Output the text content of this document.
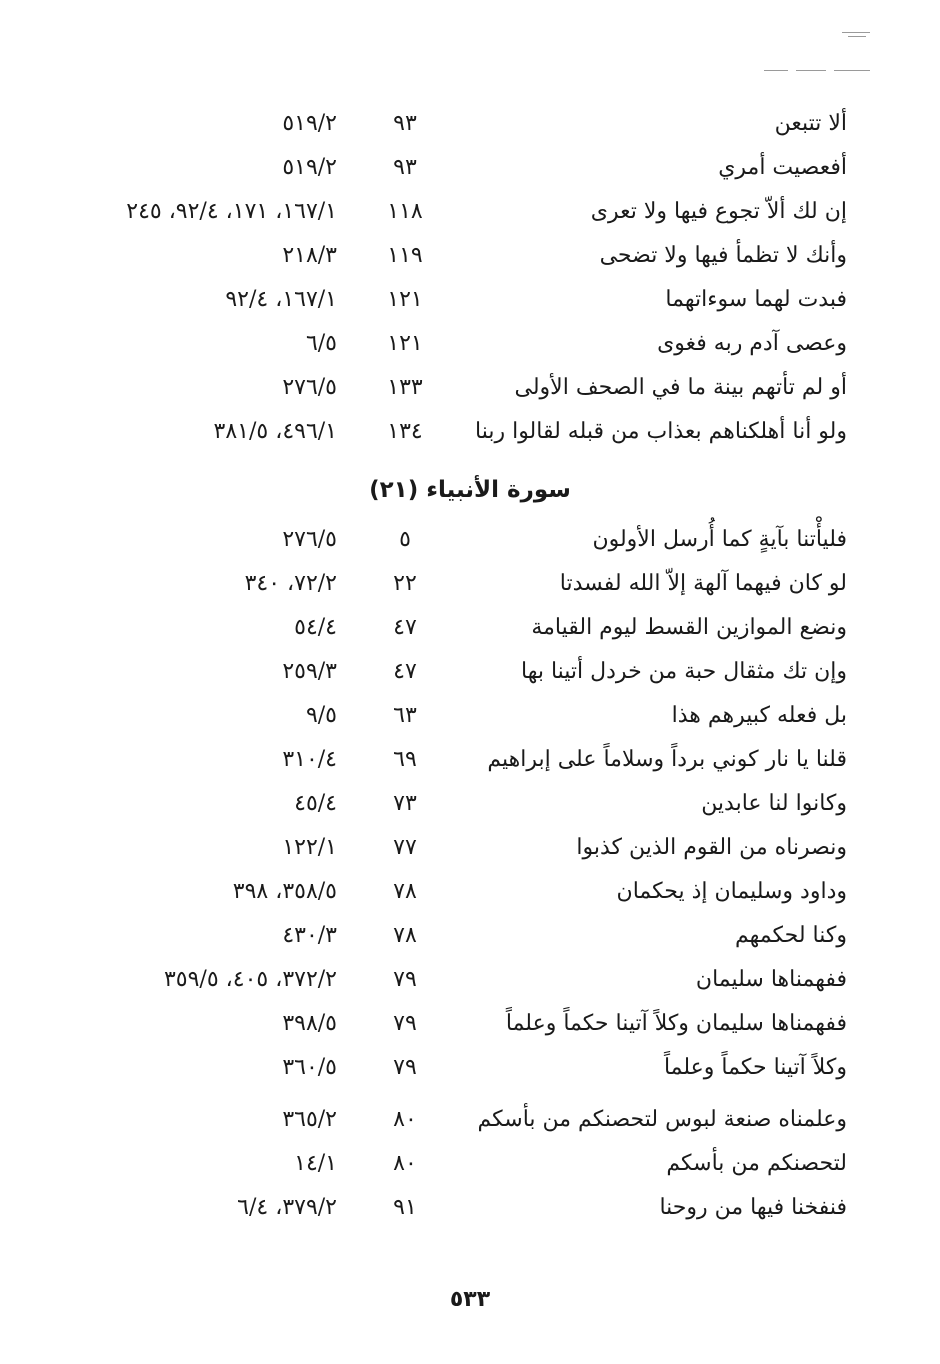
ألا تتبعن
٩٣
٥١٩/٢
أفعصيت أمري
٩٣
٥١٩/٢
إن لك ألاّ تجوع فيها ولا تعرى
١١٨
١٦٧/١، ١٧١، ٩٢/٤، ٢٤٥
وأنك لا تظمأ فيها ولا تضحى
١١٩
٢١٨/٣
فبدت لهما سوءاتهما
١٢١
١٦٧/١، ٩٢/٤
وعصى آدم ربه فغوى
١٢١
٦/٥
أو لم تأتهم بينة ما في الصحف الأولى
١٣٣
٢٧٦/٥
ولو أنا أهلكناهم بعذاب من قبله لقالوا ربنا
١٣٤
٤٩٦/١، ٣٨١/٥
سورة الأنبياء (٢١)
فليأْتنا بآيةٍ كما أُرسل الأولون
٥
٢٧٦/٥
لو كان فيهما آلهة إلاّ الله لفسدتا
٢٢
٧٢/٢، ٣٤٠
ونضع الموازين القسط ليوم القيامة
٤٧
٥٤/٤
وإن تك مثقال حبة من خردل أتينا بها
٤٧
٢٥٩/٣
بل فعله كبيرهم هذا
٦٣
٩/٥
قلنا يا نار كوني برداً وسلاماً على إبراهيم
٦٩
٣١٠/٤
وكانوا لنا عابدين
٧٣
٤٥/٤
ونصرناه من القوم الذين كذبوا
٧٧
١٢٢/١
وداود وسليمان إذ يحكمان
٧٨
٣٥٨/٥، ٣٩٨
وكنا لحكمهم
٧٨
٤٣٠/٣
ففهمناها سليمان
٧٩
٣٧٢/٢، ٤٠٥، ٣٥٩/٥
ففهمناها سليمان وكلاً آتينا حكماً وعلماً
٧٩
٣٩٨/٥
وكلاً آتينا حكماً وعلماً
٧٩
٣٦٠/٥
وعلمناه صنعة لبوس لتحصنكم من بأسكم
٨٠
٣٦٥/٢
لتحصنكم من بأسكم
٨٠
١٤/١
فنفخنا فيها من روحنا
٩١
٣٧٩/٢، ٦/٤
٥٣٣
